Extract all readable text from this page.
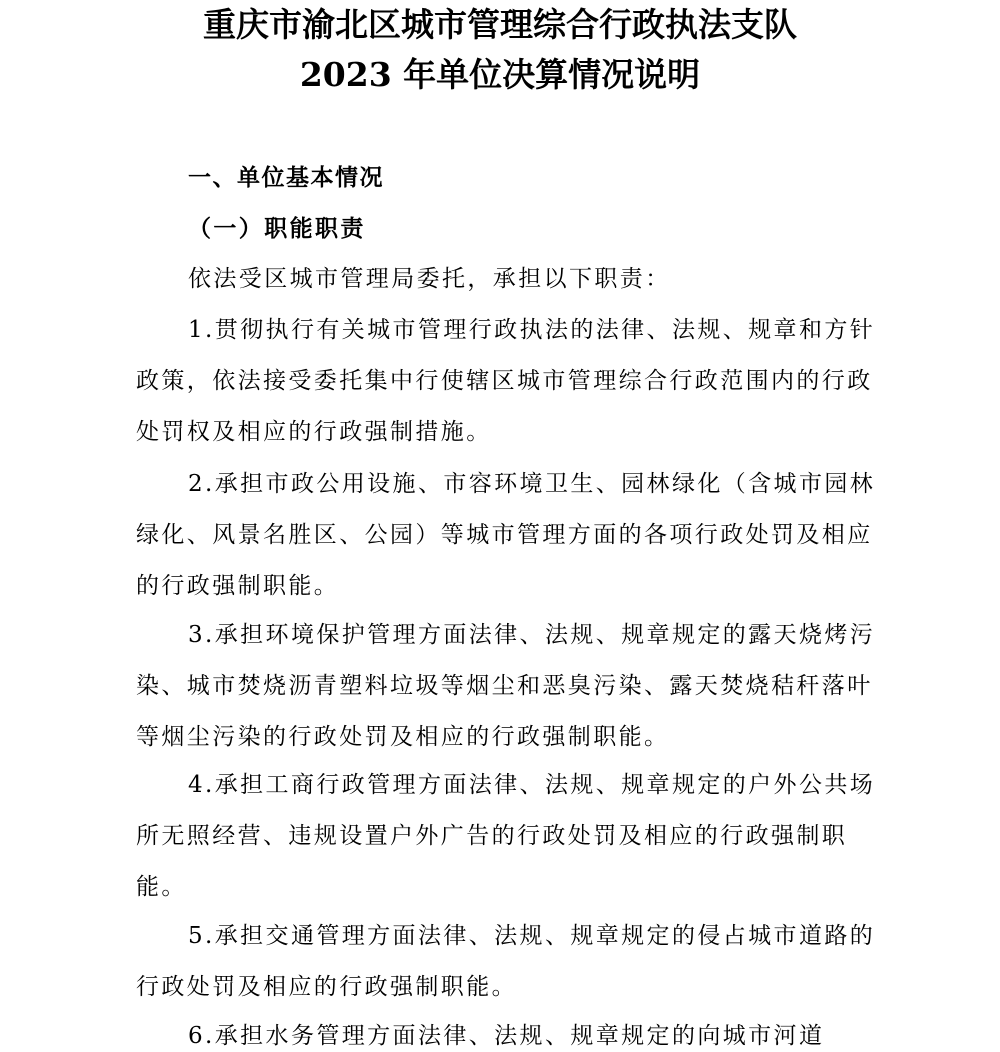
重庆市渝北区城市管理综合行政执法支队
2023 年单位决算情况说明
一、单位基本情况
（一）职能职责

依法受区城市管理局委托，承担以下职责：

1.贯彻执行有关城市管理行政执法的法律、法规、规章和方针政策，依法接受委托集中行使辖区城市管理综合行政范围内的行政处罚权及相应的行政强制措施。

2.承担市政公用设施、市容环境卫生、园林绿化（含城市园林绿化、风景名胜区、公园）等城市管理方面的各项行政处罚及相应的行政强制职能。

3.承担环境保护管理方面法律、法规、规章规定的露天烧烤污染、城市焚烧沥青塑料垃圾等烟尘和恶臭污染、露天焚烧秸秆落叶等烟尘污染的行政处罚及相应的行政强制职能。

4.承担工商行政管理方面法律、法规、规章规定的户外公共场所无照经营、违规设置户外广告的行政处罚及相应的行政强制职能。

5.承担交通管理方面法律、法规、规章规定的侵占城市道路的行政处罚及相应的行政强制职能。

6.承担水务管理方面法律、法规、规章规定的向城市河道
